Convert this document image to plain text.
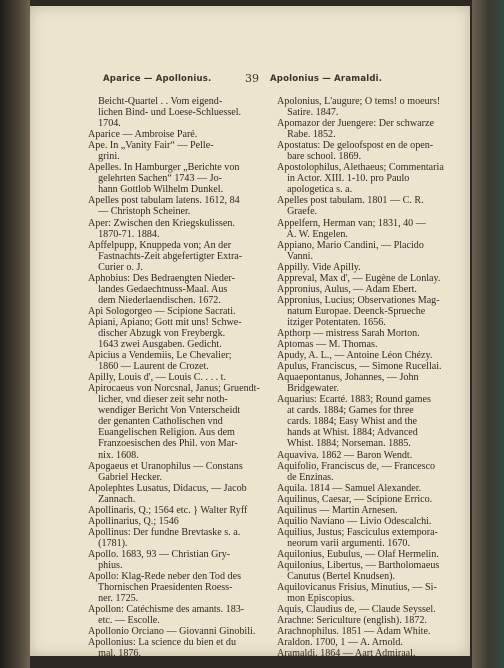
Aparice — Apollonius.	39 Apolonius — Aramaldi.
Beicht-Quartel . . Vom eigend-
lichen Bind- und Loese-Schluessel.
1704.
Aparice — Ambroise Paré.
Ape. In „Vanity Fair“ — Pelle-
grini.
Apelles. In Hamburger „Berichte von
gelehrten Sachen“ 1743 — Jo-
hann Gottlob Wilhelm Dunkel.
Apelles post tabulam latens. 1612, 84
— Christoph Scheiner.
Aper: Zwischen den Kriegskulissen.
1870-71. 1884.
Apffelpupp, Knuppeda von; An der
Fastnachts-Zeit abgefertigter Extra-
Curier o. J.
Aphobius: Des Bedraengten Nieder-
landes Gedaechtnuss-Maal. Aus
dem Niederlaendischen. 1672.
Api Sologorgeo — Scipione Sacrati.
Apiani, Apiano; Gott mit uns! Schwe-
discher Abzugk von Freybergk.
1643 zwei Ausgaben. Gedicht.
Apicius a Vendemiis, Le Chevalier;
1860 — Laurent de Crozet.
Apilly, Louis d', — Louis C. . . . t.
Apirocaeus von Norcsnal, Janus; Gruendt-
licher, vnd dieser zeit sehr noth-
wendiger Bericht Von Vnterscheidt
der genanten Catholischen vnd
Euangelischen Religion. Aus dem
Franzoesischen des Phil. von Mar-
nix. 1608.
Apogaeus et Uranophilus — Constans
Gabriel Hecker.
Apolephtes Lusatus, Didacus, — Jacob
Zannach.
Apollinaris, Q.; 1564 etc. } Walter Ryff
Apollinarius, Q.; 1546
Apollinus: Der fundne Brevtaske s. a.
(1781).
Apollo. 1683, 93 — Christian Gry-
phius.
Apollo: Klag-Rede neber den Tod des
Thornischen Praesidenten Roess-
ner. 1725.
Apollon: Catéchisme des amants. 183-
etc. — Escolle.
Apollonio Orciano — Giovanni Ginobili.
Apollonius: La science du bien et du
mal. 1876.
Apolonius, L'augure; O tems! o moeurs!
Satire. 1847.
Apomazor der Juengere: Der schwarze
Rabe. 1852.
Apostatus: De geloofspost en de open-
bare school. 1869.
Apostolophilus, Alethaeus; Commentaria
in Actor. XIII. 1-10. pro Paulo
apologetica s. a.
Apelles post tabulam. 1801 — C. R.
Graefe.
Appelfern, Herman van; 1831, 40 —
A. W. Engelen.
Appiano, Mario Candini, — Placido
Vanni.
Appilly. Vide Apilly.
Appreval, Max d', — Eugène de Lonlay.
Appronius, Aulus, — Adam Ebert.
Appronius, Lucius; Observationes Mag-
natum Europae. Deenck-Sprueche
itziger Potentaten. 1656.
Apthorp — mistress Sarah Morton.
Aptomas — M. Thomas.
Apudy, A. L., — Antoine Léon Chézy.
Apulus, Franciscus, — Simone Rucellai.
Aquaepontanus, Johannes, — John
Bridgewater.
Aquarius: Ecarté. 1883; Round games
at cards. 1884; Games for three
cards. 1884; Easy Whist and the
hands at Whist. 1884; Advanced
Whist. 1884; Norseman. 1885.
Aquaviva. 1862 — Baron Wendt.
Aquifolio, Franciscus de, — Francesco
de Enzinas.
Aquila. 1814 — Samuel Alexander.
Aquilinus, Caesar, — Scipione Errico.
Aquilinus — Martin Arnesen.
Aquilio Naviano — Livio Odescalchi.
Aquilius, Justus; Fasciculus extempora-
neorum varii argumenti. 1670.
Aquilonius, Eubulus, — Olaf Hermelin.
Aquilonius, Libertus, — Bartholomaeus
Canutus (Bertel Knudsen).
Aquilovicanus Frisius, Minutius, — Si-
mon Episcopius.
Aquis, Claudius de, — Claude Seyssel.
Arachne: Sericulture (english). 1872.
Arachnophilus. 1851 — Adam White.
Araldon. 1700, 1 — A. Arnold.
Aramaldi. 1864 — Aart Admiraal.
